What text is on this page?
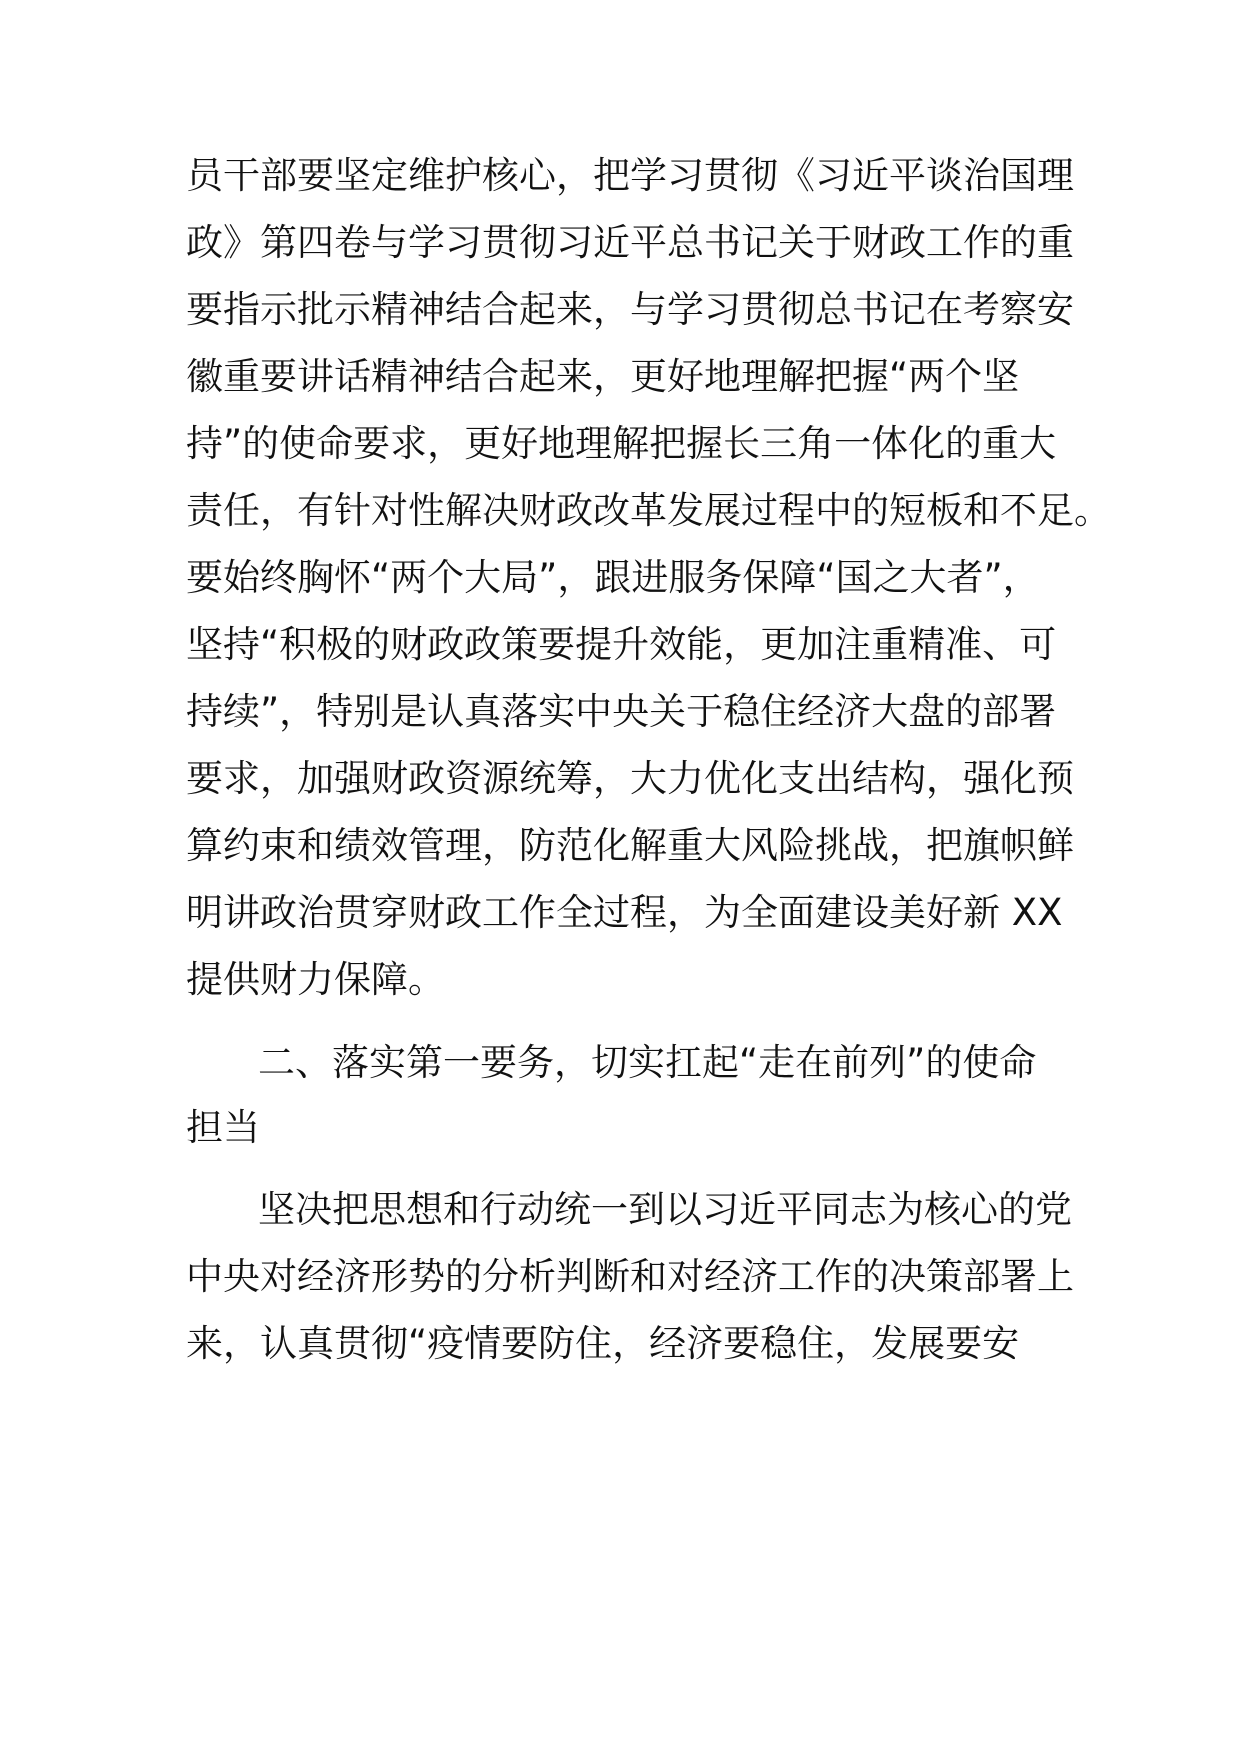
员干部要坚定维护核心，把学习贯彻《习近平谈治国理
政》第四卷与学习贯彻习近平总书记关于财政工作的重
要指示批示精神结合起来，与学习贯彻总书记在考察安
徽重要讲话精神结合起来，更好地理解把握“两个坚
持”的使命要求，更好地理解把握长三角一体化的重大
责任，有针对性解决财政改革发展过程中的短板和不足。
要始终胸怀“两个大局”，跟进服务保障“国之大者”，
坚持“积极的财政政策要提升效能，更加注重精准、可
持续”，特别是认真落实中央关于稳住经济大盘的部署
要求，加强财政资源统筹，大力优化支出结构，强化预
算约束和绩效管理，防范化解重大风险挑战，把旗帜鲜
明讲政治贯穿财政工作全过程，为全面建设美好新 XX
提供财力保障。
二、落实第一要务，切实扛起“走在前列”的使命
担当
坚决把思想和行动统一到以习近平同志为核心的党
中央对经济形势的分析判断和对经济工作的决策部署上
来，认真贯彻“疫情要防住，经济要稳住，发展要安
